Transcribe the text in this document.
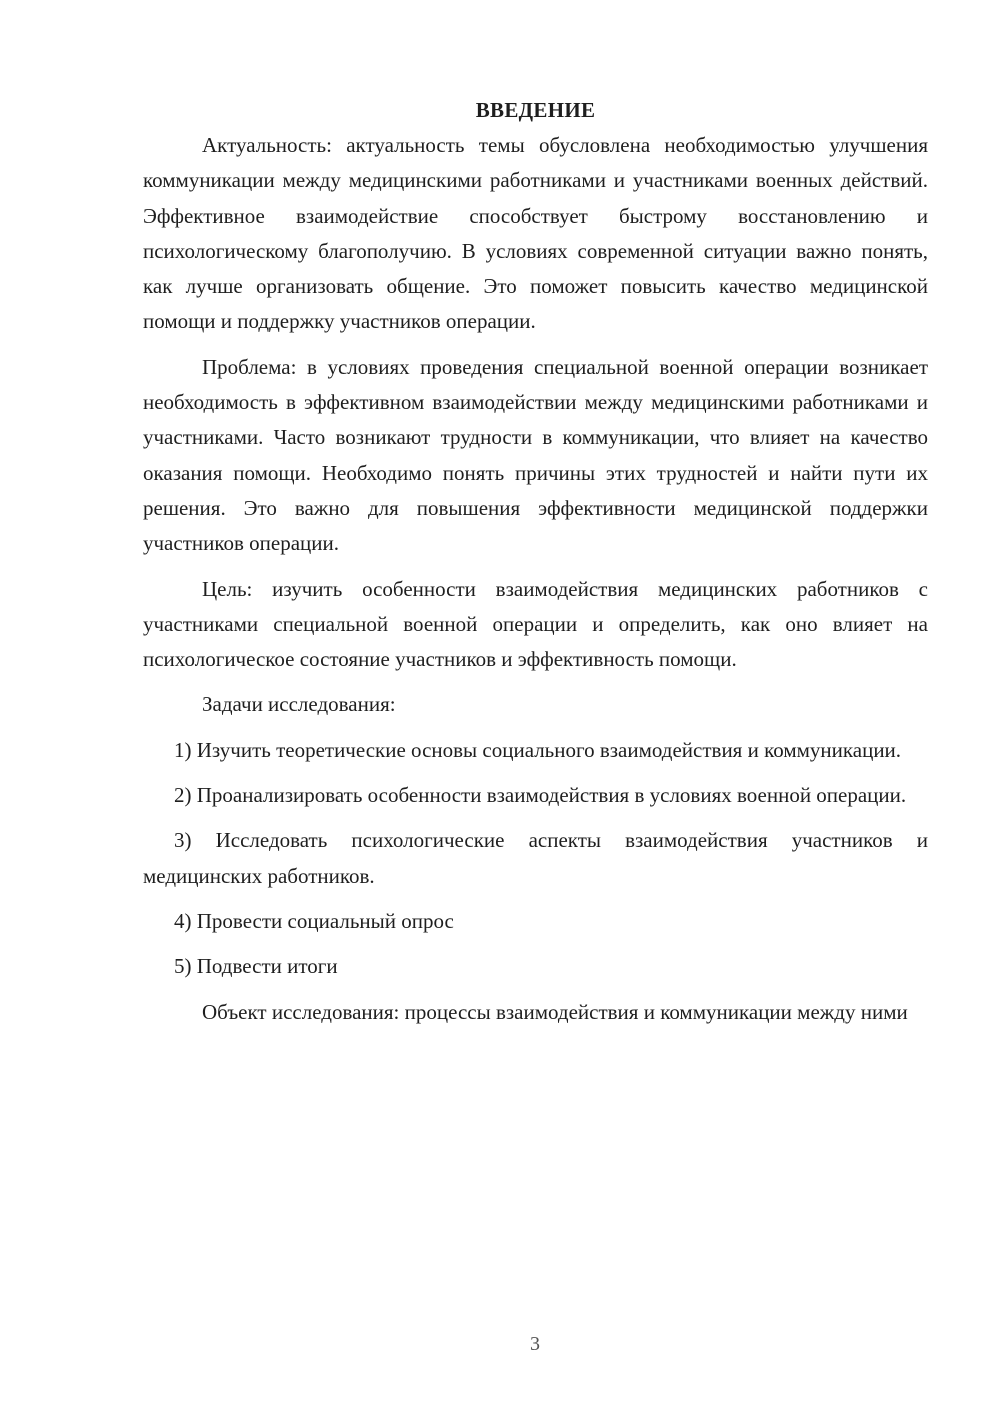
ВВЕДЕНИЕ

Актуальность: актуальность темы обусловлена необходимостью улучшения коммуникации между медицинскими работниками и участниками военных действий. Эффективное взаимодействие способствует быстрому восстановлению и психологическому благополучию. В условиях современной ситуации важно понять, как лучше организовать общение. Это поможет повысить качество медицинской помощи и поддержку участников операции.

Проблема: в условиях проведения специальной военной операции возникает необходимость в эффективном взаимодействии между медицинскими работниками и участниками. Часто возникают трудности в коммуникации, что влияет на качество оказания помощи. Необходимо понять причины этих трудностей и найти пути их решения. Это важно для повышения эффективности медицинской поддержки участников операции.

Цель: изучить особенности взаимодействия медицинских работников с участниками специальной военной операции и определить, как оно влияет на психологическое состояние участников и эффективность помощи.

Задачи исследования:

1) Изучить теоретические основы социального взаимодействия и коммуникации.

2) Проанализировать особенности взаимодействия в условиях военной операции.

3) Исследовать психологические аспекты взаимодействия участников и медицинских работников.

4) Провести социальный опрос

5) Подвести итоги

Объект исследования: процессы взаимодействия и коммуникации между ними

3
